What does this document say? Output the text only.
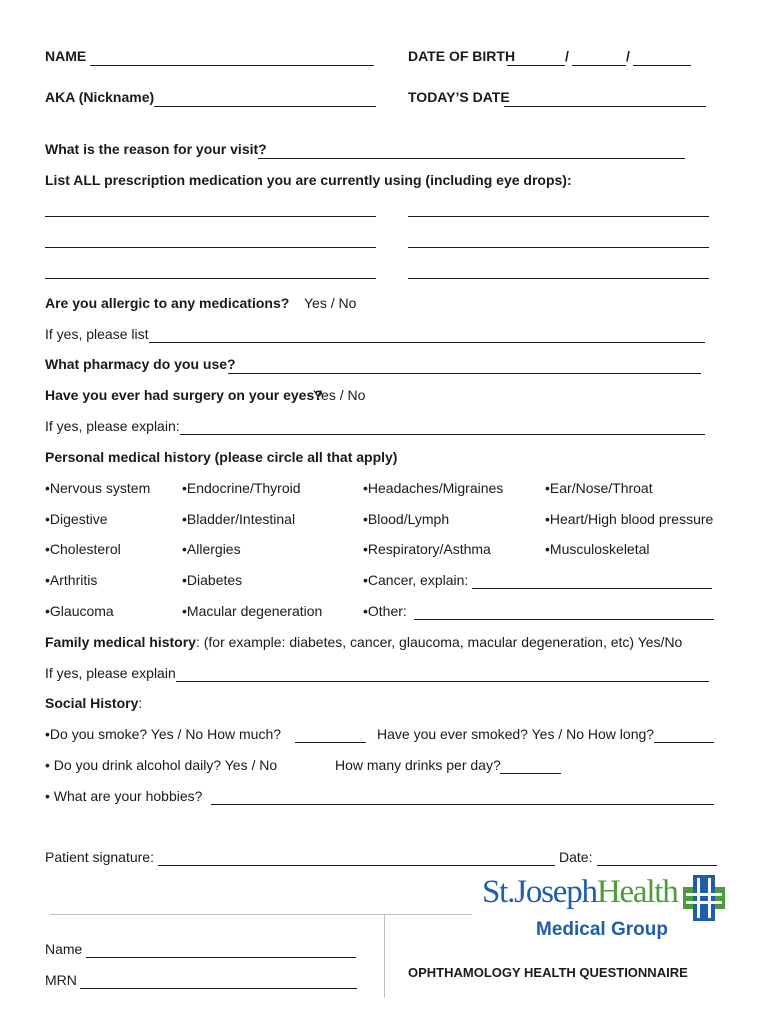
NAME	DATE OF BIRTH	/	/
AKA (Nickname)	TODAY’S DATE
What is the reason for your visit?
List ALL prescription medication you are currently using (including eye drops):
Are you allergic to any medications? Yes / No
If yes, please list
What pharmacy do you use?
Have you ever had surgery on your eyes?
Yes / No
If yes, please explain:
Personal medical history (please circle all that apply)
•Nervous system •Endocrine/Thyroid	•Headaches/Migraines	•Ear/Nose/Throat
•Digestive	•Bladder/Intestinal	•Blood/Lymph	•Heart/High blood pressure
•Cholesterol	•Allergies	•Respiratory/Asthma	•Musculoskeletal
•Arthritis	•Diabetes	•Cancer, explain:
•Glaucoma	•Macular degeneration	•Other:
Family medical history: (for example: diabetes, cancer, glaucoma, macular degeneration, etc) Yes/No
If yes, please explain
Social History:
•Do you smoke? Yes / No How much?	Have you ever smoked? Yes / No How long?
• Do you drink alcohol daily? Yes / No	How many drinks per day?
• What are your hobbies?
Patient signature:	Date:
St.JosephHealth
Medical Group
Name
MRN	OPHTHAMOLOGY HEALTH QUESTIONNAIRE
